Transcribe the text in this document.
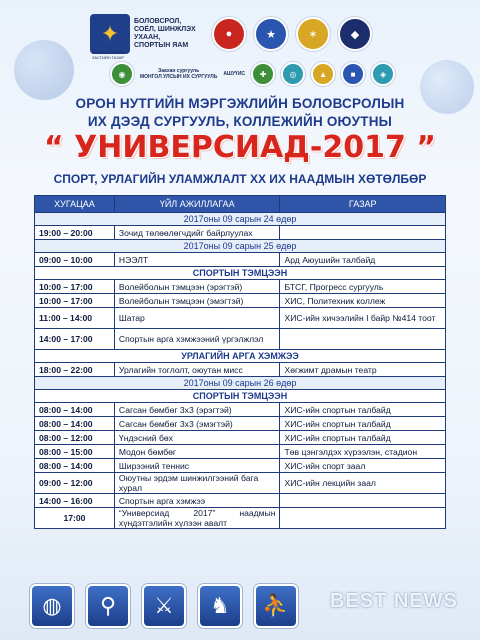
✦	БОЛОВСРОЛ,
СОЁЛ, ШИНЖЛЭХ УХААН,
СПОРТЫН ЯАМ
●	★	✶	◆
МОНГОЛ УЛСЫН ЗАСГИЙН ГАЗАР
◉	Заахан сургууль
МОНГОЛ УЛСЫН ИХ СУРГУУЛЬ АШУҮИС	✚	◎	▲	■	◈
ОРОН НУТГИЙН МЭРГЭЖЛИЙН БОЛОВСРОЛЫН
ИХ ДЭЭД СУРГУУЛЬ, КОЛЛЕЖИЙН ОЮУТНЫ
“ УНИВЕРСИАД-2017 ”
СПОРТ, УРЛАГИЙН УЛАМЖЛАЛТ XX ИХ НААДМЫН ХӨТӨЛБӨР
ХУГАЦАА	ҮЙЛ АЖИЛЛАГАА	ГАЗАР
2017оны 09 сарын 24 өдөр		
19:00 – 20:00	Зочид төлөөлөгчдийг байрлуулах	
2017оны 09 сарын 25 өдөр		
09:00 – 10:00	НЭЭЛТ	Ард Аюушийн талбайд
СПОРТЫН ТЭМЦЭЭН		
10:00 – 17:00	Волейболын тэмцээн (эрэгтэй)	БТСГ, Прогресс сургууль
10:00 – 17:00	Волейболын тэмцээн (эмэгтэй)	ХИС, Политехник коллеж
11:00 – 14:00	Шатар	ХИС-ийн хичээлийн I байр №414 тоот
14:00 – 17:00	Спортын арга хэмжээний үргэлжлэл	
УРЛАГИЙН АРГА ХЭМЖЭЭ		
18:00 – 22:00	Урлагийн тоглолт, оюутан мисс	Хөгжимт драмын театр
2017оны 09 сарын 26 өдөр		
СПОРТЫН ТЭМЦЭЭН		
08:00 – 14:00	Сагсан бөмбөг 3х3 (эрэгтэй)	ХИС-ийн спортын талбайд
08:00 – 14:00	Сагсан бөмбөг 3х3 (эмэгтэй)	ХИС-ийн спортын талбайд
08:00 – 12:00	Үндэсний бөх	ХИС-ийн спортын талбайд
08:00 – 15:00	Модон бөмбөг	Төв цэнгэлдэх хүрээлэн, стадион
08:00 – 14:00	Ширээний теннис	ХИС-ийн спорт заал
09:00 – 12:00	Оюутны эрдэм шинжилгээний бага хурал	ХИС-ийн лекцийн заал
14:00 – 16:00	Спортын арга хэмжээ	
17:00	“Универсиад 2017” наадмын хүндэтгэлийн хүлээн авалт	
◍	⚲	⚔	♞	⛹	BEST NEWS
